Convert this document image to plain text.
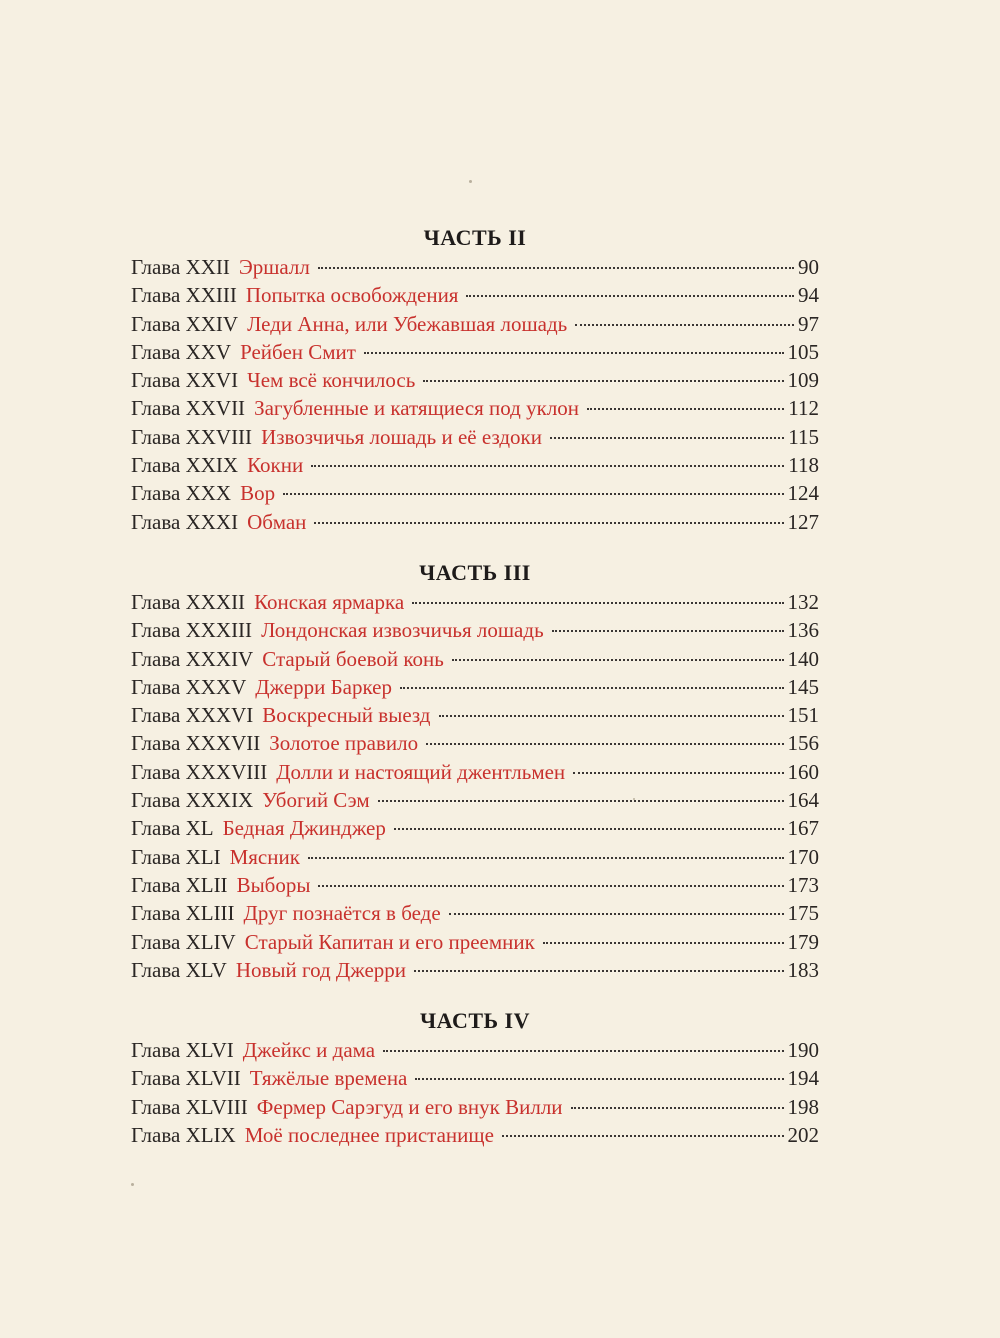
ЧАСТЬ II
Глава XXII Эршалл	90
Глава XXIII Попытка освобождения	94
Глава XXIV Леди Анна, или Убежавшая лошадь	97
Глава XXV Рейбен Смит	105
Глава XXVI Чем всё кончилось	109
Глава XXVII Загубленные и катящиеся под уклон	112
Глава XXVIII Извозчичья лошадь и её ездоки	115
Глава XXIX Кокни	118
Глава XXX Вор	124
Глава XXXI Обман	127
ЧАСТЬ III
Глава XXXII Конская ярмарка	132
Глава XXXIII Лондонская извозчичья лошадь	136
Глава XXXIV Старый боевой конь	140
Глава XXXV Джерри Баркер	145
Глава XXXVI Воскресный выезд	151
Глава XXXVII Золотое правило	156
Глава XXXVIII Долли и настоящий джентльмен	160
Глава XXXIX Убогий Сэм	164
Глава XL Бедная Джинджер	167
Глава XLI Мясник	170
Глава XLII Выборы	173
Глава XLIII Друг познаётся в беде	175
Глава XLIV Старый Капитан и его преемник	179
Глава XLV Новый год Джерри	183
ЧАСТЬ IV
Глава XLVI Джейкс и дама	190
Глава XLVII Тяжёлые времена	194
Глава XLVIII Фермер Сарэгуд и его внук Вилли	198
Глава XLIX Моё последнее пристанище	202
